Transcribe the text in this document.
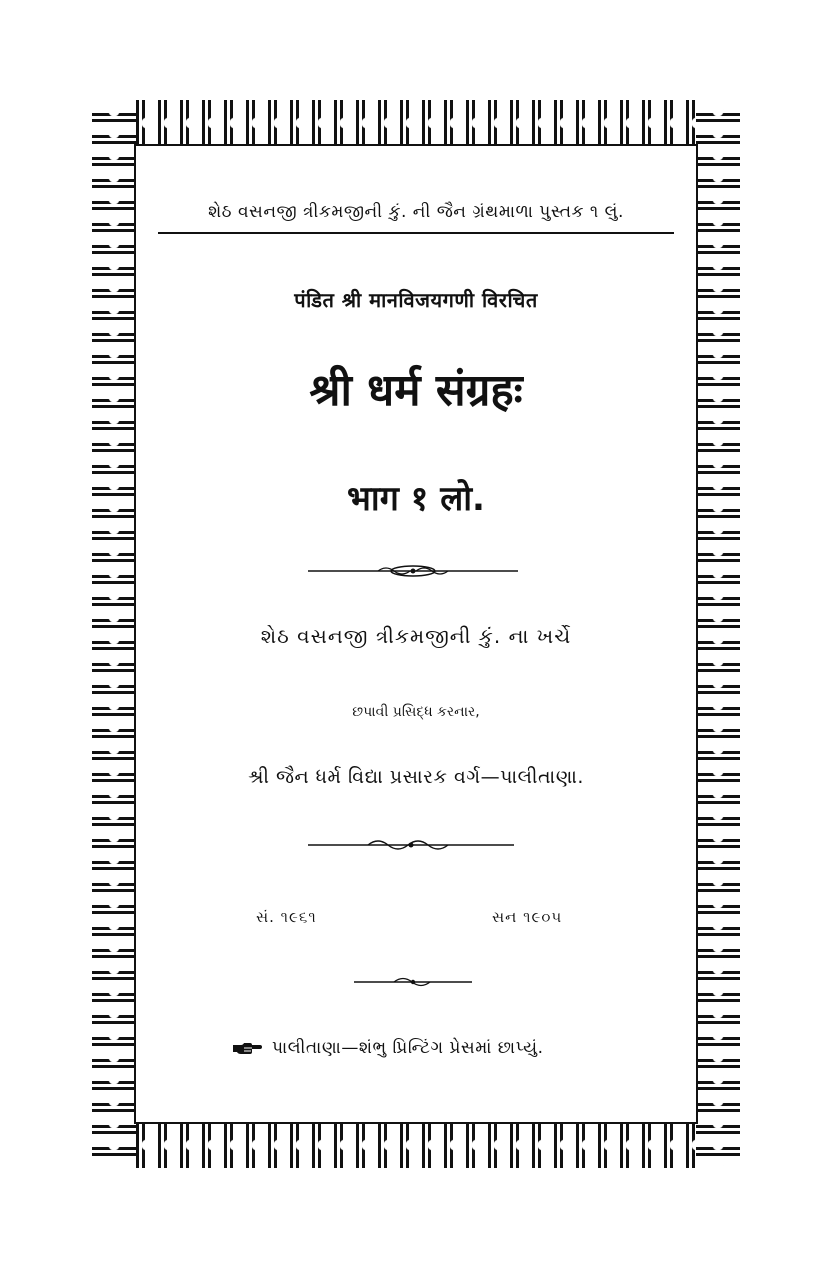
શેઠ વસનજી ત્રીકમજીની કું. ની જૈન ગ્રંથમાળા પુસ્તક ૧ લું.
पंडित श्री मानविजयगणी विरचित
श्री धर्म संग्रहः
भाग १ लो.
શેઠ વસનજી ત્રીકમજીની કું. ના ખર્ચે
છપાવી પ્રસિદ્ધ કરનાર,
શ્રી જૈન ધર્મ વિદ્યા પ્રસારક વર્ગ—પાલીતાણા.
સં. ૧૯૬૧	સન ૧૯૦૫
પાલીતાણા—શંભુ પ્રિન્ટિંગ પ્રેસમાં છાપ્યું.
